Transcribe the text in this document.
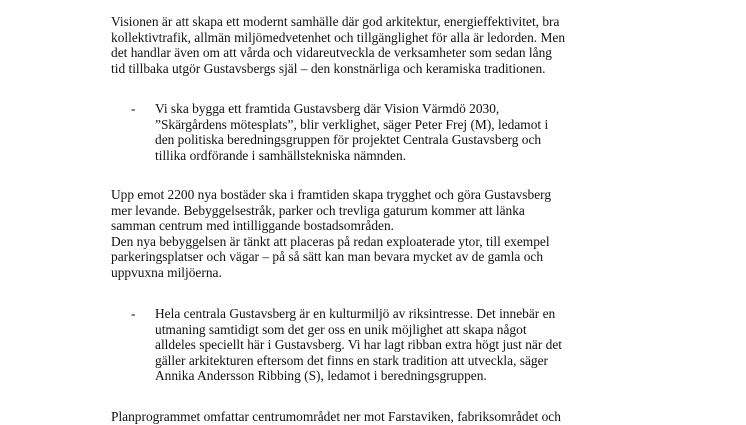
Visionen är att skapa ett modernt samhälle där god arkitektur, energieffektivitet, bra
kollektivtrafik, allmän miljömedvetenhet och tillgänglighet för alla är ledorden. Men
det handlar även om att vårda och vidareutveckla de verksamheter som sedan lång
tid tillbaka utgör Gustavsbergs själ – den konstnärliga och keramiska traditionen.

- Vi ska bygga ett framtida Gustavsberg där Vision Värmdö 2030,
”Skärgårdens mötesplats”, blir verklighet, säger Peter Frej (M), ledamot i
den politiska beredningsgruppen för projektet Centrala Gustavsberg och
tillika ordförande i samhällstekniska nämnden.

Upp emot 2200 nya bostäder ska i framtiden skapa trygghet och göra Gustavsberg
mer levande. Bebyggelsestråk, parker och trevliga gaturum kommer att länka
samman centrum med intilliggande bostadsområden.
Den nya bebyggelsen är tänkt att placeras på redan exploaterade ytor, till exempel
parkeringsplatser och vägar – på så sätt kan man bevara mycket av de gamla och
uppvuxna miljöerna.

- Hela centrala Gustavsberg är en kulturmiljö av riksintresse. Det innebär en
utmaning samtidigt som det ger oss en unik möjlighet att skapa något
alldeles speciellt här i Gustavsberg. Vi har lagt ribban extra högt just när det
gäller arkitekturen eftersom det finns en stark tradition att utveckla, säger
Annika Andersson Ribbing (S), ledamot i beredningsgruppen.

Planprogrammet omfattar centrumområdet ner mot Farstaviken, fabriksområdet och
